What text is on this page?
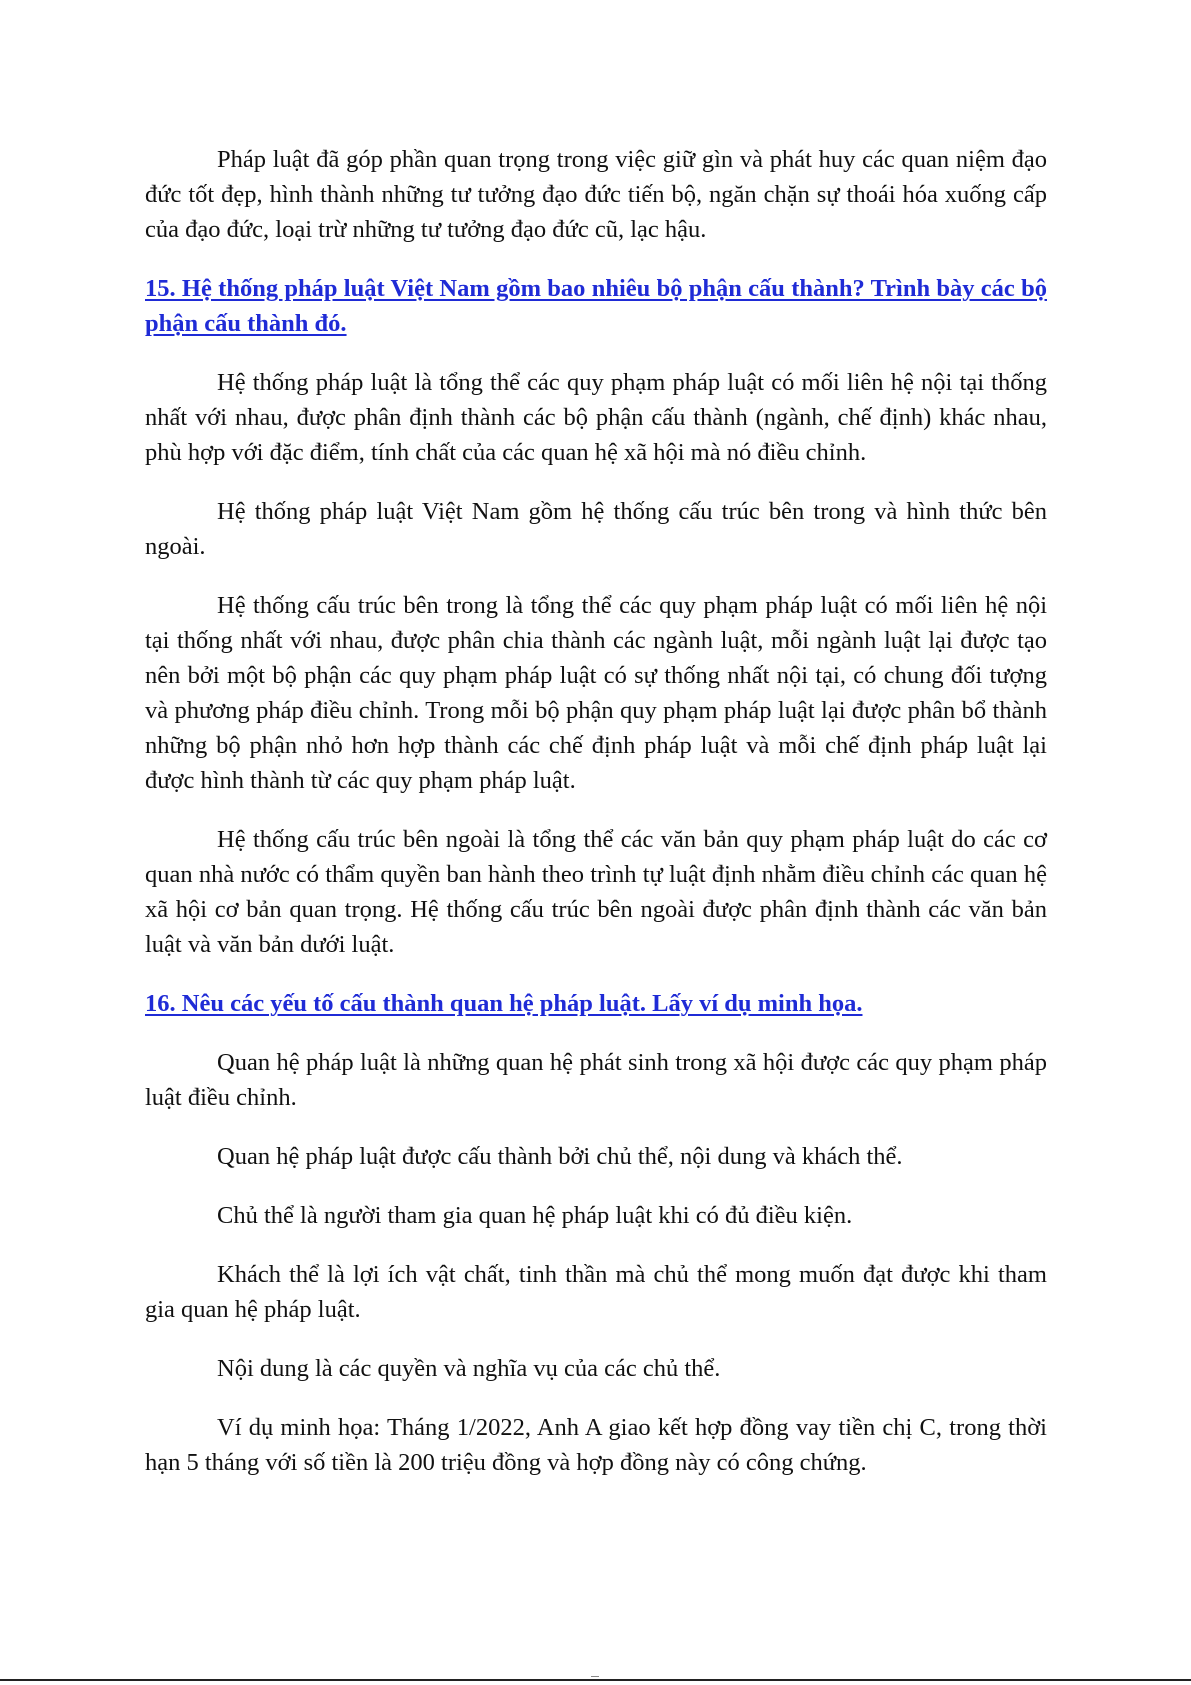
Pháp luật đã góp phần quan trọng trong việc giữ gìn và phát huy các quan niệm đạo đức tốt đẹp, hình thành những tư tưởng đạo đức tiến bộ, ngăn chặn sự thoái hóa xuống cấp của đạo đức, loại trừ những tư tưởng đạo đức cũ, lạc hậu.

15. Hệ thống pháp luật Việt Nam gồm bao nhiêu bộ phận cấu thành? Trình bày các bộ phận cấu thành đó.

Hệ thống pháp luật là tổng thể các quy phạm pháp luật có mối liên hệ nội tại thống nhất với nhau, được phân định thành các bộ phận cấu thành (ngành, chế định) khác nhau, phù hợp với đặc điểm, tính chất của các quan hệ xã hội mà nó điều chỉnh.

Hệ thống pháp luật Việt Nam gồm hệ thống cấu trúc bên trong và hình thức bên ngoài.

Hệ thống cấu trúc bên trong là tổng thể các quy phạm pháp luật có mối liên hệ nội tại thống nhất với nhau, được phân chia thành các ngành luật, mỗi ngành luật lại được tạo nên bởi một bộ phận các quy phạm pháp luật có sự thống nhất nội tại, có chung đối tượng và phương pháp điều chỉnh. Trong mỗi bộ phận quy phạm pháp luật lại được phân bổ thành những bộ phận nhỏ hơn hợp thành các chế định pháp luật và mỗi chế định pháp luật lại được hình thành từ các quy phạm pháp luật.

Hệ thống cấu trúc bên ngoài là tổng thể các văn bản quy phạm pháp luật do các cơ quan nhà nước có thẩm quyền ban hành theo trình tự luật định nhằm điều chỉnh các quan hệ xã hội cơ bản quan trọng. Hệ thống cấu trúc bên ngoài được phân định thành các văn bản luật và văn bản dưới luật.

16. Nêu các yếu tố cấu thành quan hệ pháp luật. Lấy ví dụ minh họa.

Quan hệ pháp luật là những quan hệ phát sinh trong xã hội được các quy phạm pháp luật điều chỉnh.

Quan hệ pháp luật được cấu thành bởi chủ thể, nội dung và khách thể.

Chủ thể là người tham gia quan hệ pháp luật khi có đủ điều kiện.

Khách thể là lợi ích vật chất, tinh thần mà chủ thể mong muốn đạt được khi tham gia quan hệ pháp luật.

Nội dung là các quyền và nghĩa vụ của các chủ thể.

Ví dụ minh họa: Tháng 1/2022, Anh A giao kết hợp đồng vay tiền chị C, trong thời hạn 5 tháng với số tiền là 200 triệu đồng và hợp đồng này có công chứng.
